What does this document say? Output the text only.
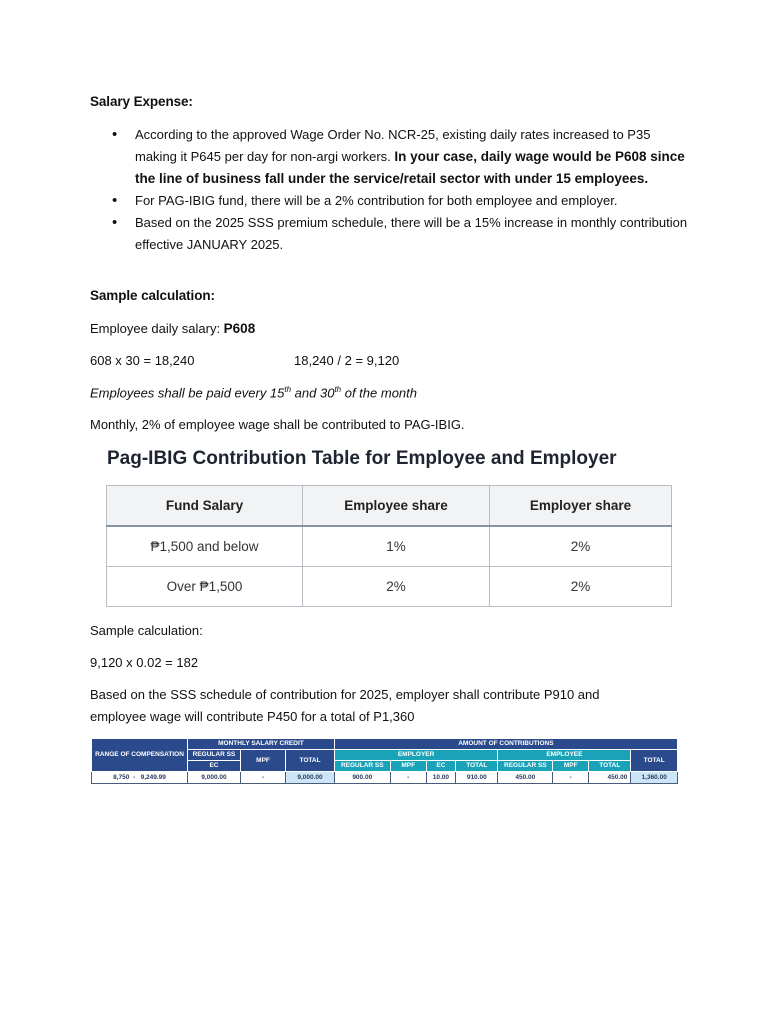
Salary Expense:
• According to the approved Wage Order No. NCR-25, existing daily rates increased to P35 making it P645 per day for non-argi workers. In your case, daily wage would be P608 since the line of business fall under the service/retail sector with under 15 employees.
• For PAG-IBIG fund, there will be a 2% contribution for both employee and employer.
• Based on the 2025 SSS premium schedule, there will be a 15% increase in monthly contribution effective JANUARY 2025.
Sample calculation:
Employee daily salary: P608
608 x 30 = 18,240	18,240 / 2 = 9,120
Employees shall be paid every 15th and 30th of the month
Monthly, 2% of employee wage shall be contributed to PAG-IBIG.
Pag-IBIG Contribution Table for Employee and Employer
Fund Salary	Employee share	Employer share
₱1,500 and below	1%	2%
Over ₱1,500	2%	2%
Sample calculation:
9,120 x 0.02 = 182
Based on the SSS schedule of contribution for 2025, employer shall contribute P910 and
employee wage will contribute P450 for a total of P1,360
RANGE OF COMPENSATION	MONTHLY SALARY CREDIT			AMOUNT OF CONTRIBUTIONS							
	REGULAR SS	MPF	TOTAL	EMPLOYER				EMPLOYEE			TOTAL
	EC			REGULAR SS	MPF	EC	TOTAL	REGULAR SS	MPF	TOTAL	
8,750  -   9,249.99	9,000.00	-	9,000.00	900.00	-	10.00	910.00	450.00	-	450.00	1,360.00
